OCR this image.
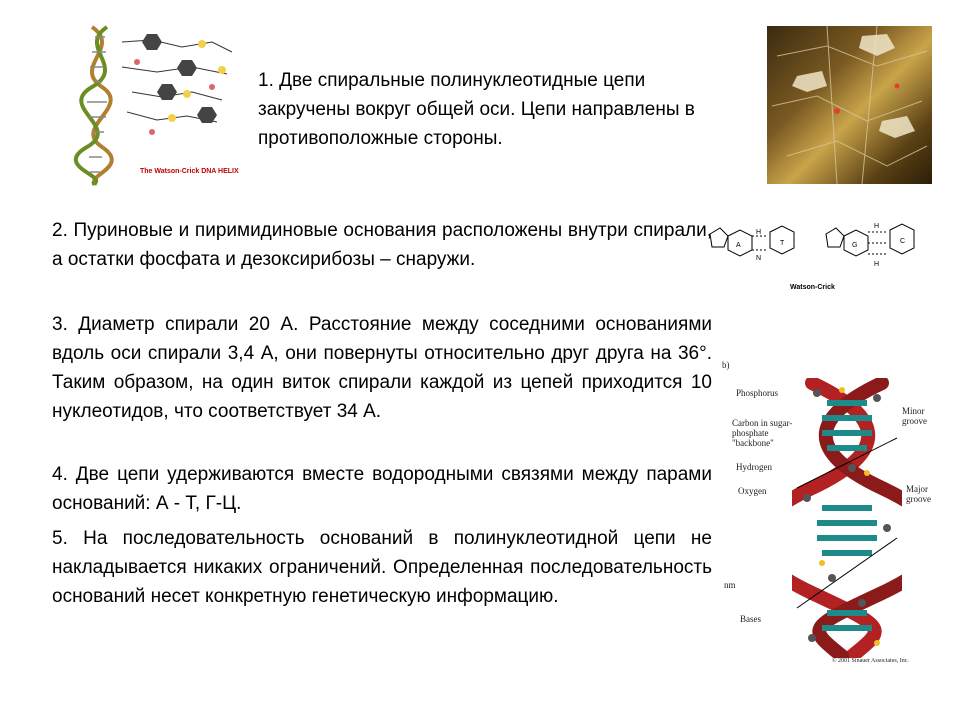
The Watson-Crick DNA HELIX
1. Две спиральные полинуклеотидные цепи закручены вокруг общей оси. Цепи направлены в противоположные стороны.
2. Пуриновые и пиримидиновые основания расположены внутри спирали, а остатки фосфата и дезоксирибозы – снаружи.
A	T	G
C
H
N
H
H
Watson-Crick
3. Диаметр спирали 20 А. Расстояние между соседними основаниями вдоль оси спирали 3,4 А, они повернуты относительно друг друга на 36°. Таким образом, на один виток спирали каждой из цепей приходится 10 нуклеотидов, что соответствует 34 А.
4. Две цепи удерживаются вместе водородными связями между парами оснований: А - Т, Г-Ц.
5. На последовательность оснований в полинуклеотидной цепи не накладывается никаких ограничений. Определенная последовательность оснований несет конкретную генетическую информацию.
b)
Phosphorus
Carbon in sugar-phosphate "backbone"
Hydrogen
Oxygen
Minor groove
Major groove
nm
Bases
© 2001 Sinauer Associates, Inc.
